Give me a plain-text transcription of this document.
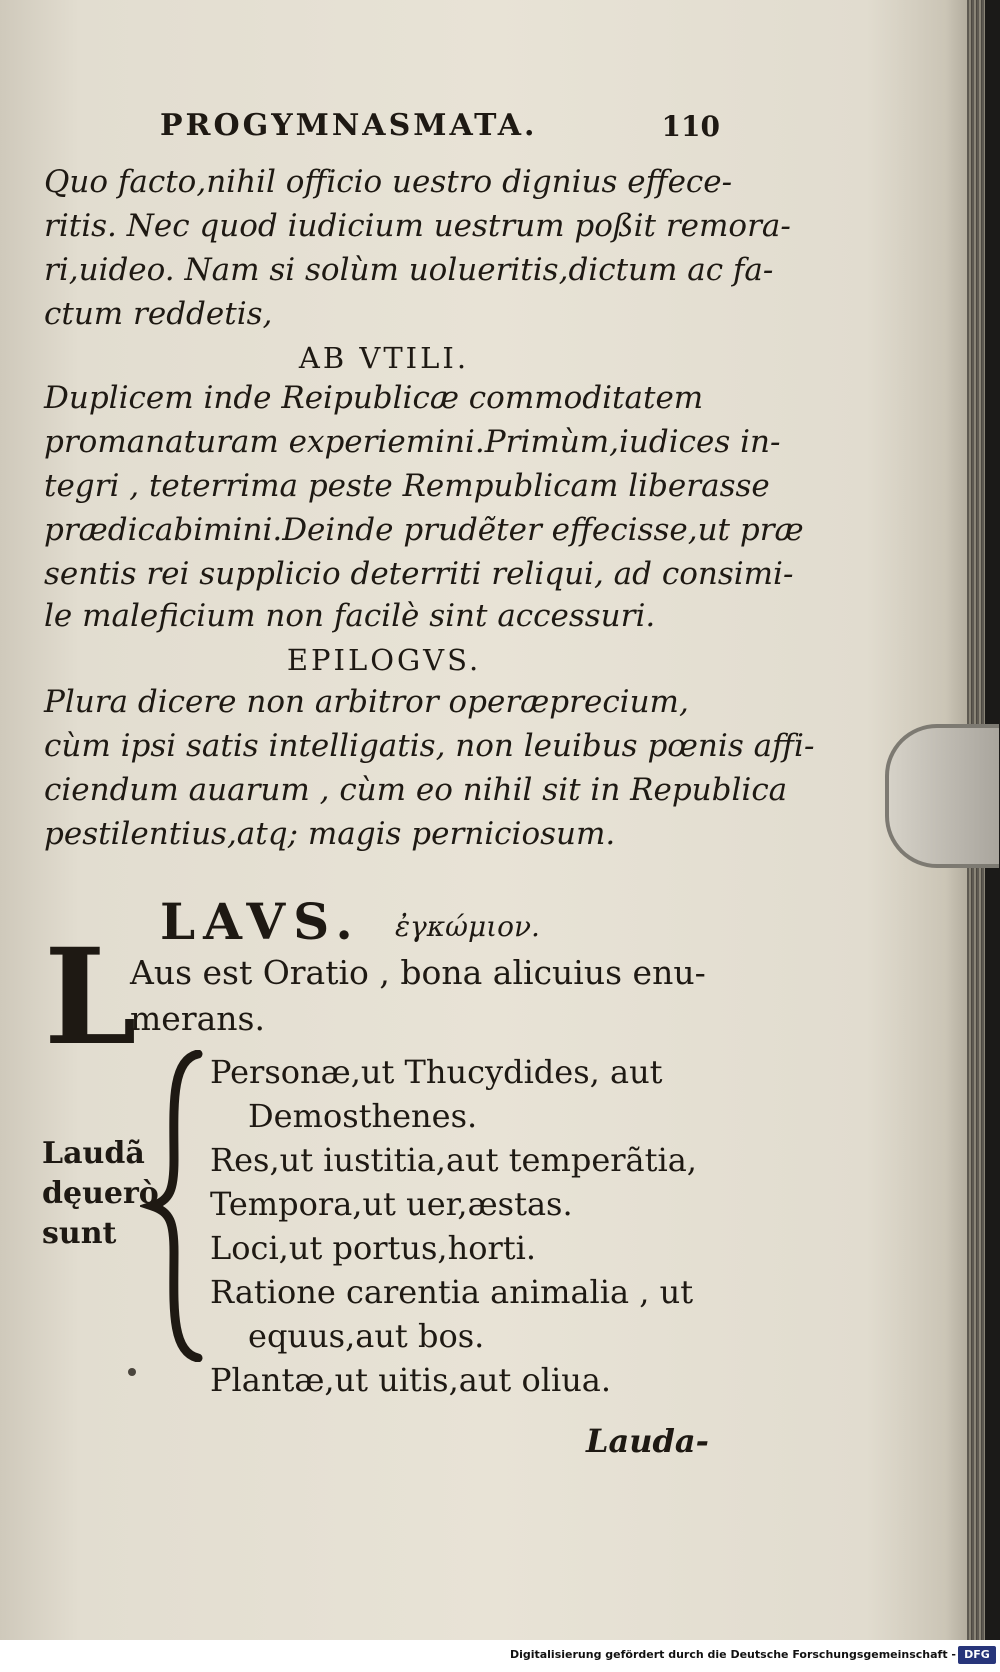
PROGYMNASMATA.	110
Quo facto,nihil officio uestro dignius effece-
ritis. Nec quod iudicium uestrum poßit remora-
ri,uideo. Nam si solùm uolueritis,dictum ac fa-
ctum reddetis,
AB VTILI.
Duplicem inde Reipublicæ commoditatem
promanaturam experiemini.Primùm,iudices in-
tegri , teterrima peste Rempublicam liberasse
prædicabimini.Deinde prudẽter effecisse,ut præ
sentis rei supplicio deterriti reliqui, ad consimi-
le maleficium non facilè sint accessuri.
EPILOGVS.
Plura dicere non arbitror operæprecium,
cùm ipsi satis intelligatis, non leuibus pœnis affi-
ciendum auarum , cùm eo nihil sit in Republica
pestilentius,atq; magis perniciosum.
LAVS. ἐγκώμιον.
L
Aus est Oratio , bona alicuius enu-
merans.
Laudã
dęuerò
sunt
Personæ,ut Thucydides, aut
Demosthenes.
Res,ut iustitia,aut temperãtia,
Tempora,ut uer,æstas.
Loci,ut portus,horti.
Ratione carentia animalia , ut
equus,aut bos.
Plantæ,ut uitis,aut oliua.
Lauda-
Digitalisierung gefördert durch die Deutsche Forschungsgemeinschaft - DFG
